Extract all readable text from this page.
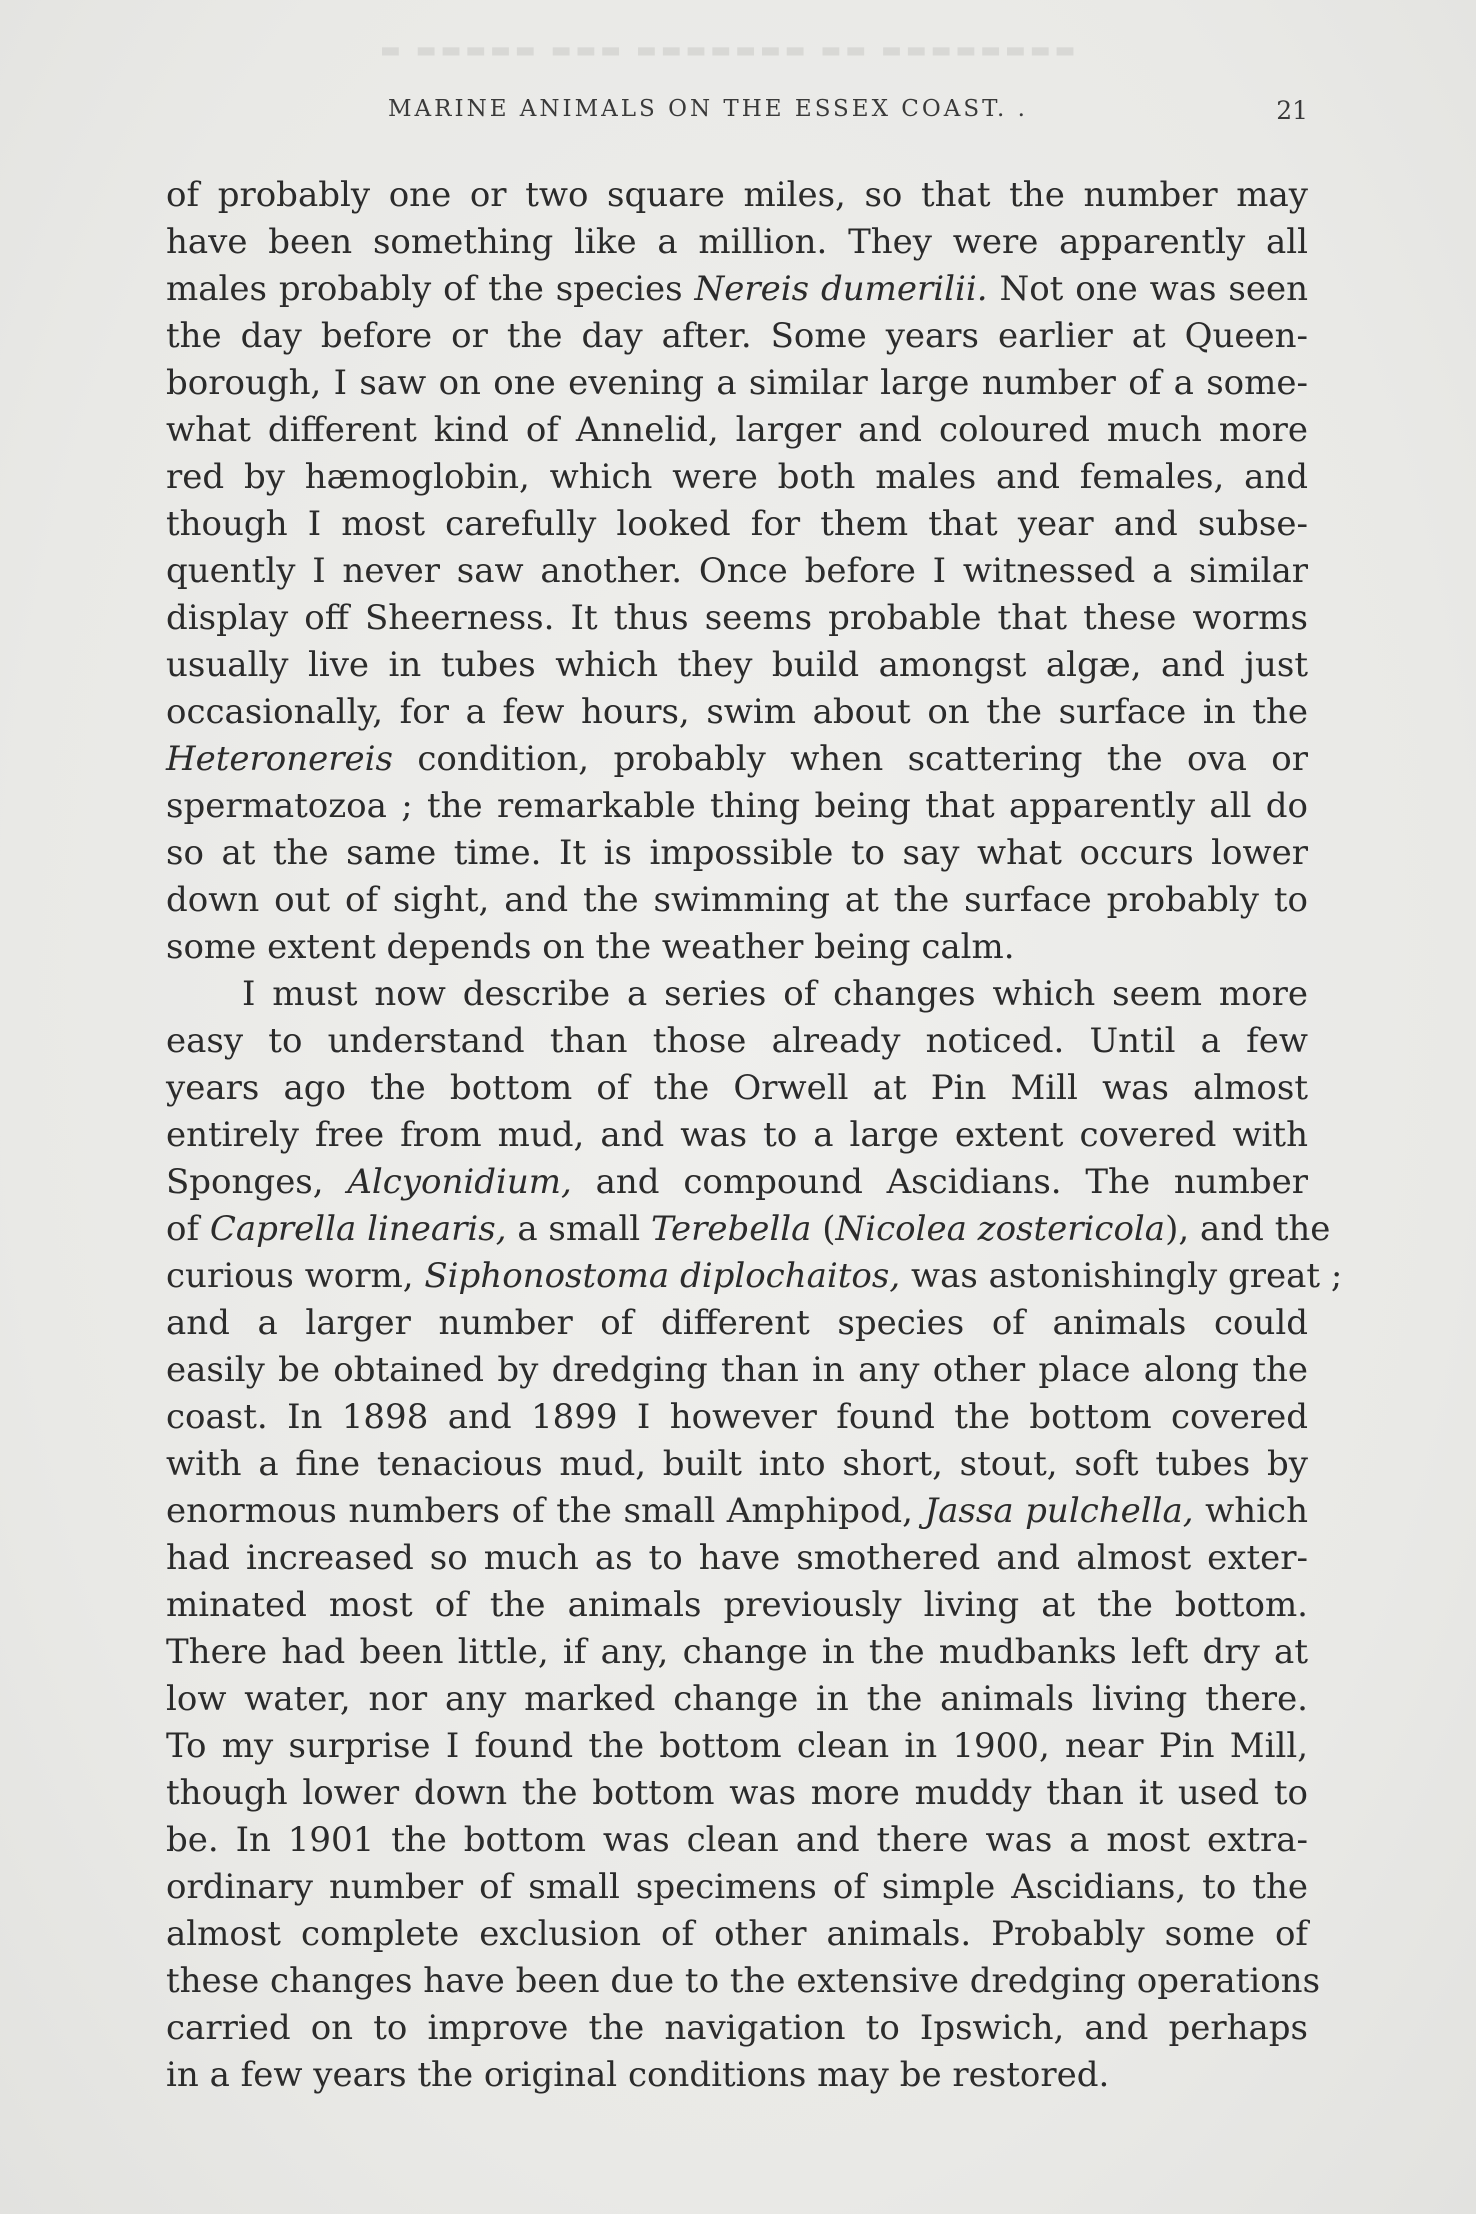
▬ ▬▬▬▬▬ ▬▬▬ ▬▬▬▬▬▬▬ ▬▬ ▬▬▬▬▬▬▬▬
MARINE ANIMALS ON THE ESSEX COAST. .	21
of probably one or two square miles, so that the number may
have been something like a million. They were apparently all
males probably of the species Nereis dumerilii. Not one was seen
the day before or the day after. Some years earlier at Queen-
borough, I saw on one evening a similar large number of a some-
what different kind of Annelid, larger and coloured much more
red by hæmoglobin, which were both males and females, and
though I most carefully looked for them that year and subse-
quently I never saw another. Once before I witnessed a similar
display off Sheerness. It thus seems probable that these worms
usually live in tubes which they build amongst algæ, and just
occasionally, for a few hours, swim about on the surface in the
Heteronereis condition, probably when scattering the ova or
spermatozoa ; the remarkable thing being that apparently all do
so at the same time. It is impossible to say what occurs lower
down out of sight, and the swimming at the surface probably to
some extent depends on the weather being calm.
I must now describe a series of changes which seem more
easy to understand than those already noticed. Until a few
years ago the bottom of the Orwell at Pin Mill was almost
entirely free from mud, and was to a large extent covered with
Sponges, Alcyonidium, and compound Ascidians. The number
of Caprella linearis, a small Terebella (Nicolea zostericola), and the
curious worm, Siphonostoma diplochaitos, was astonishingly great ;
and a larger number of different species of animals could
easily be obtained by dredging than in any other place along the
coast. In 1898 and 1899 I however found the bottom covered
with a fine tenacious mud, built into short, stout, soft tubes by
enormous numbers of the small Amphipod, Jassa pulchella, which
had increased so much as to have smothered and almost exter-
minated most of the animals previously living at the bottom.
There had been little, if any, change in the mudbanks left dry at
low water, nor any marked change in the animals living there.
To my surprise I found the bottom clean in 1900, near Pin Mill,
though lower down the bottom was more muddy than it used to
be. In 1901 the bottom was clean and there was a most extra-
ordinary number of small specimens of simple Ascidians, to the
almost complete exclusion of other animals. Probably some of
these changes have been due to the extensive dredging operations
carried on to improve the navigation to Ipswich, and perhaps
in a few years the original conditions may be restored.
